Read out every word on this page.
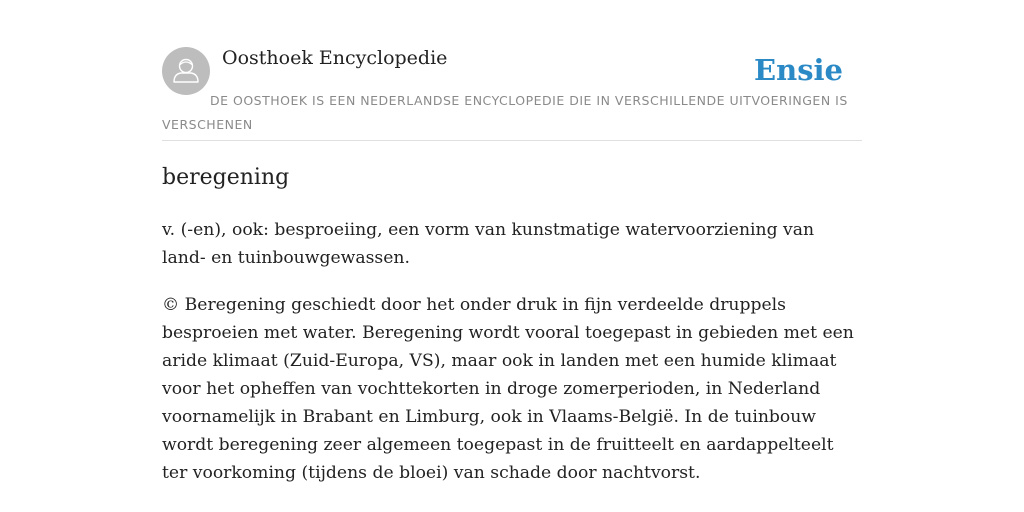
Oosthoek Encyclopedie	Ensie
DE OOSTHOEK IS EEN NEDERLANDSE ENCYCLOPEDIE DIE IN VERSCHILLENDE UITVOERINGEN IS VERSCHENEN
beregening

v. (-en), ook: besproeiing, een vorm van kunstmatige watervoorziening van land- en tuinbouwgewassen.

© Beregening geschiedt door het onder druk in fijn verdeelde druppels besproeien met water. Beregening wordt vooral toegepast in gebieden met een aride klimaat (Zuid-Europa, VS), maar ook in landen met een humide klimaat voor het opheffen van vochttekorten in droge zomerperioden, in Nederland voornamelijk in Brabant en Limburg, ook in Vlaams-België. In de tuinbouw wordt beregening zeer algemeen toegepast in de fruitteelt en aardappelteelt ter voorkoming (tijdens de bloei) van schade door nachtvorst.
